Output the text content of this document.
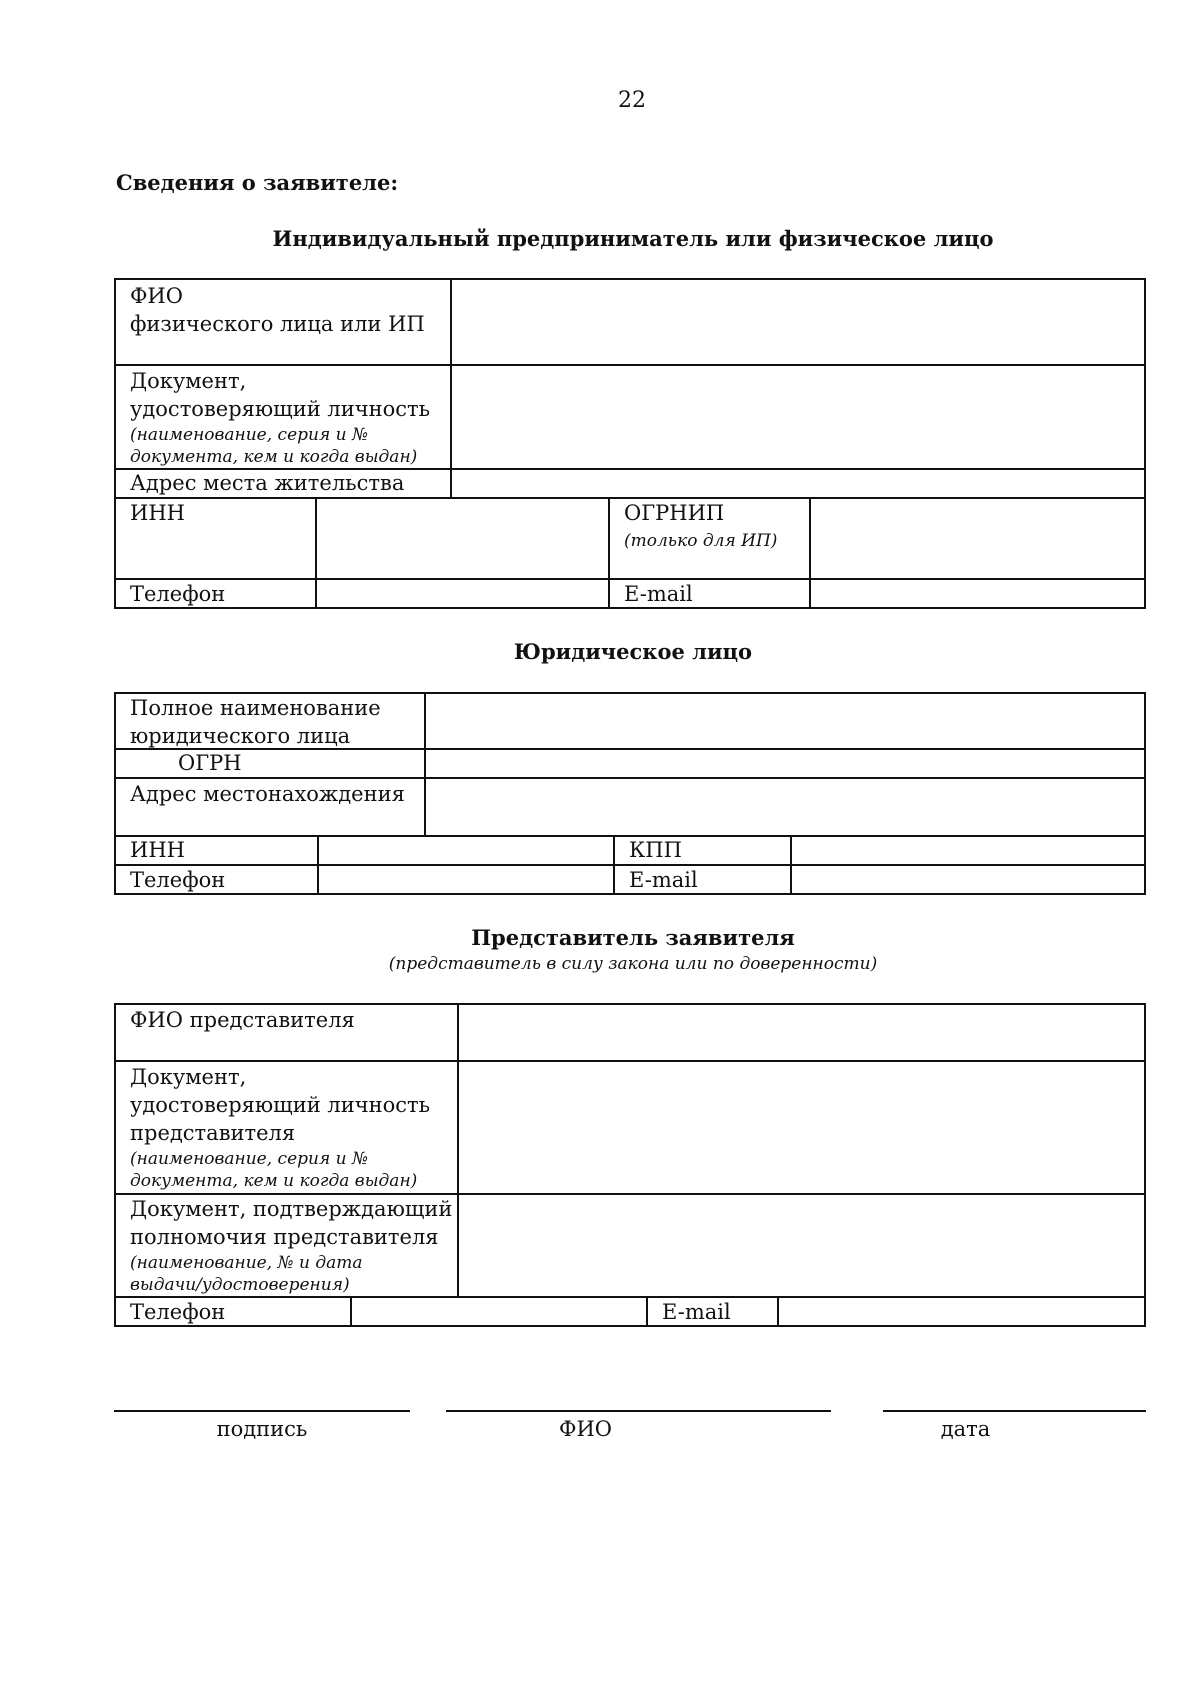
22
Сведения о заявителе:
Индивидуальный предприниматель или физическое лицо
ФИО
физического лица или ИП
Документ,
удостоверяющий личность
(наименование, серия и №
документа, кем и когда выдан)
Адрес места жительства
ИНН	ОГРНИП
(только для ИП)
Телефон	E-mail
Юридическое лицо
Полное наименование
юридического лица
ОГРН
Адрес местонахождения
ИНН	КПП
Телефон	E-mail
Представитель заявителя
(представитель в силу закона или по доверенности)
ФИО представителя
Документ,
удостоверяющий личность
представителя
(наименование, серия и №
документа, кем и когда выдан)
Документ, подтверждающий
полномочия представителя
(наименование, № и дата
выдачи/удостоверения)
Телефон	E-mail
подпись	ФИО	дата
